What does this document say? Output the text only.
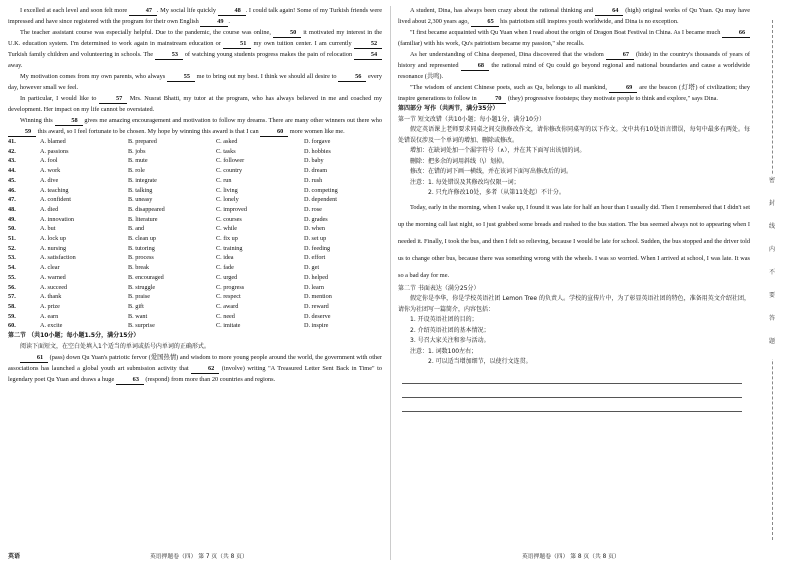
I excelled at each level and soon felt more	47 . My social life quickly	48 . I could talk again! Some of my Turkish friends were impressed and have since registered with the program for their own English	49 .

The teacher assistant course was especially helpful. Due to the pandemic, the course was online,	50 it motivated my interest in the U.K. education system. I'm determined to work again in mainstream education or	51 my own tuition center. I am currently	52 Turkish family children and volunteering in schools. The	53 of watching young students progress makes the pain of relocation	54 away.

My motivation comes from my own parents, who always	55 me to bring out my best. I think we should all desire to	56 every day, however small we feel.

In particular, I would like to	57 Mrs. Nusrat Bhatti, my tutor at the program, who has always believed in me and coached my development. Her impact on my life cannot be overstated.

Winning this	58 gives me amazing encouragement and motivation to follow my dreams. There are many other winners out there who 59 this award, so I feel fortunate to be chosen. My hope by winning this award is that I can	60 more women like me.

41.	A. blamed	B. prepared	C. asked	D. forgave
42.	A. passions	B. jobs	C. tasks	D. hobbies
43.	A. fool	B. mute	C. follower	D. baby
44.	A. work	B. role	C. country	D. dream
45.	A. dive	B. integrate	C. run	D. rush
46.	A. teaching	B. talking	C. living	D. competing
47.	A. confident	B. uneasy	C. lonely	D. dependent
48.	A. died	B. disappeared	C. improved	D. rose
49.	A. innovation	B. literature	C. courses	D. grades
50.	A. but	B. and	C. while	D. when
51.	A. lock up	B. clean up	C. fix up	D. set up
52.	A. nursing	B. tutoring	C. training	D. feeding
53.	A. satisfaction	B. process	C. idea	D. effort
54.	A. clear	B. break	C. fade	D. get
55.	A. warned	B. encouraged	C. urged	D. helped
56.	A. succeed	B. struggle	C. progress	D. learn
57.	A. thank	B. praise	C. respect	D. mention
58.	A. prize	B. gift	C. award	D. reward
59.	A. earn	B. want	C. need	D. deserve
60.	A. excite	B. surprise	C. imitate	D. inspire

第二节 （共10小题；每小题1.5分，满分15分）

阅读下面短文，在空白处填入1个适当的单词或括号内单词的正确形式。

61 (pass) down Qu Yuan's patriotic fervor (爱国热情) and wisdom to more young people around the world, the government with other associations has launched a global youth art submission activity that	62 (involve) writing "A Treasured Letter Sent Back in Time" to legendary poet Qu Yuan and draws a huge	63 (respond) from more than 20 countries and regions.

英语	英语押题卷（四） 第 7 页（共 8 页）

A student, Dina, has always been crazy about the rational thinking and	64 (high) original works of Qu Yuan. Qu may have lived about 2,300 years ago,	65 his patriotism still inspires youth worldwide, and Dina is no exception.

"I first became acquainted with Qu Yuan when I read about the origin of Dragon Boat Festival in China. As I became much	66 (familiar) with his work, Qu's patriotism became my passion," she recalls.

As her understanding of China deepened, Dina discovered that the wisdom	67 (hide) in the country's thousands of years of history and represented	68 the rational mind of Qu could go beyond regional and national boundaries and cause a worldwide resonance (共鸣).

"The wisdom of ancient Chinese poets, such as Qu, belongs to all mankind,	69 are the beacon (灯塔) of civilization; they inspire generations to follow in	70 (they) progressive footsteps; they motivate people to think and explore," says Dina.

第四部分 写作（共两节，满分35分）

第一节 短文改错（共10小题；每小题1分，满分10分）

假定英语课上老师要求同桌之间交换修改作文，请你修改你同桌写的以下作文。文中共有10处语言错误，每句中最多有两处。每处错误仅涉及一个单词的增加、删除或修改。

增加：在缺词处加一个漏字符号（∧），并在其下面写出该加的词。

删除：把多余的词用斜线（\）划掉。

修改：在错的词下画一横线，并在该词下面写出修改后的词。

注意：1. 每处错误及其修改均仅限一词；

2. 只允许修改10处，多者（从第11处起）不计分。

Today, early in the morning, when I wake up, I found it was late for half an hour than I usually did. Then I remembered that I didn't set up the morning call last night, so I just grabbed some breads and rushed to the bus station. The bus seemed always not to appearing when I needed it. Finally, I took the bus, and then I felt so relieving, because I would be late for school. Sudden, the bus stopped and the driver told us to change other bus, because there was something wrong with the wheels. I was so worried. When I arrived at school, I was late. It was so a bad day for me.

第二节 书面表达（满分25分）

假定你是李华，你是学校英语社团 Lemon Tree 的负责人。学校的宣传片中，为了彰显英语社团的特色，准备用英文介绍社团，请你为社团写一篇简介，内容包括：

1. 开设英语社团的目的；

2. 介绍英语社团的基本情况；

3. 号召大家关注和参与活动。

注意：1. 词数100左右；

2. 可以适当增加细节，以使行文连贯。

英语押题卷（四） 第 8 页（共 8 页）
密
封
线
内
不
要
答
题
